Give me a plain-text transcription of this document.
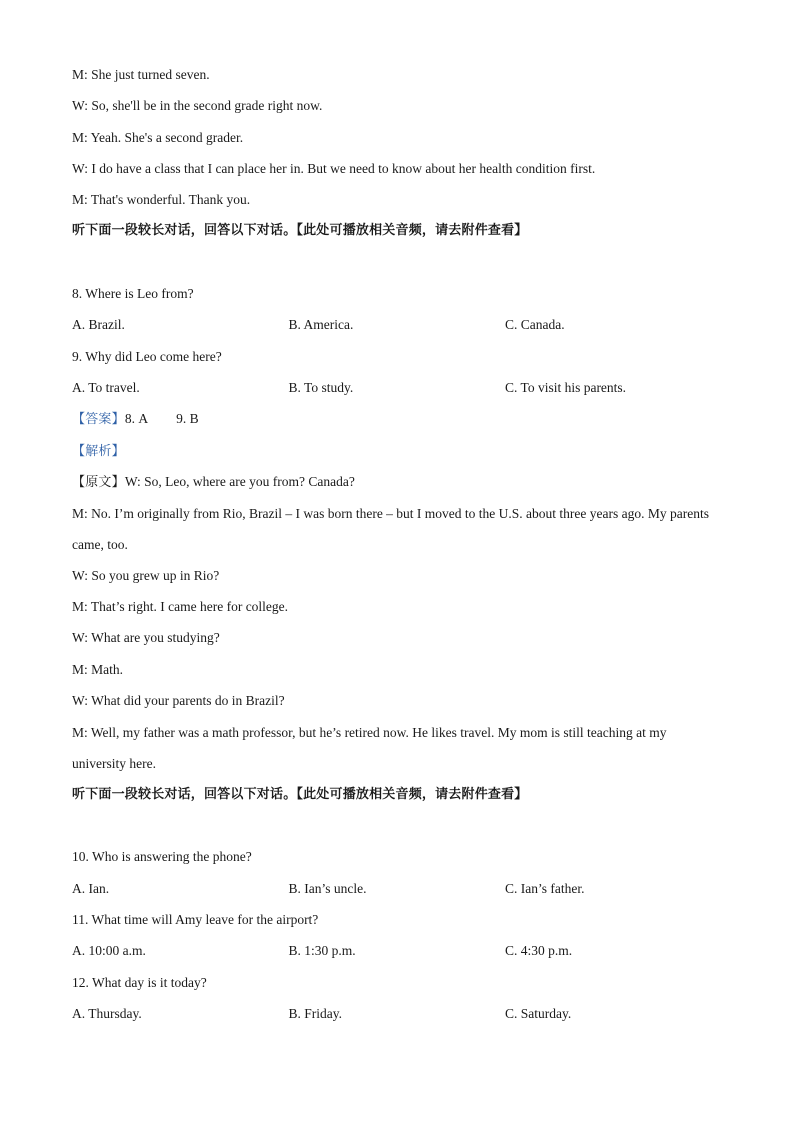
M: She just turned seven.
W: So, she'll be in the second grade right now.
M: Yeah. She's a second grader.
W: I do have a class that I can place her in. But we need to know about her health condition first.
M: That's wonderful. Thank you.
听下面一段较长对话，回答以下对话。【此处可播放相关音频，请去附件查看】
8. Where is Leo from?
A. Brazil.	B. America.	C. Canada.
9. Why did Leo come here?
A. To travel.	B. To study.	C. To visit his parents.
【答案】8. A 9. B
【解析】
【原文】W: So, Leo, where are you from? Canada?
M: No. I’m originally from Rio, Brazil – I was born there – but I moved to the U.S. about three years ago. My parents came, too.
W: So you grew up in Rio?
M: That’s right. I came here for college.
W: What are you studying?
M: Math.
W: What did your parents do in Brazil?
M: Well, my father was a math professor, but he’s retired now. He likes travel. My mom is still teaching at my university here.
听下面一段较长对话，回答以下对话。【此处可播放相关音频，请去附件查看】
10. Who is answering the phone?
A. Ian.	B. Ian’s uncle.	C. Ian’s father.
11. What time will Amy leave for the airport?
A. 10:00 a.m.	B. 1:30 p.m.	C. 4:30 p.m.
12. What day is it today?
A. Thursday.	B. Friday.	C. Saturday.
